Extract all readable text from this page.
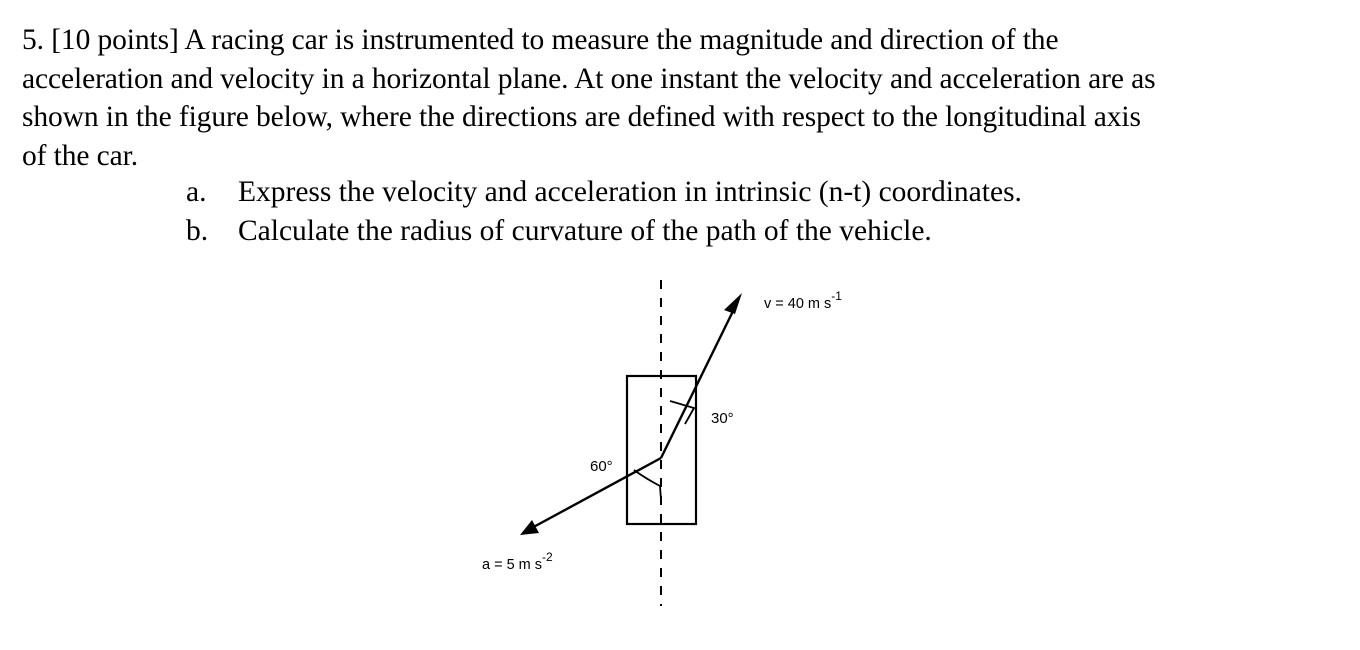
5. [10 points] A racing car is instrumented to measure the magnitude and direction of the
acceleration and velocity in a horizontal plane. At one instant the velocity and acceleration are as
shown in the figure below, where the directions are defined with respect to the longitudinal axis
of the car.
a. Express the velocity and acceleration in intrinsic (n-t) coordinates.
b. Calculate the radius of curvature of the path of the vehicle.
v = 40 m $s^{-1}$
30°
60°
a = 5 m $s^{-2}$
